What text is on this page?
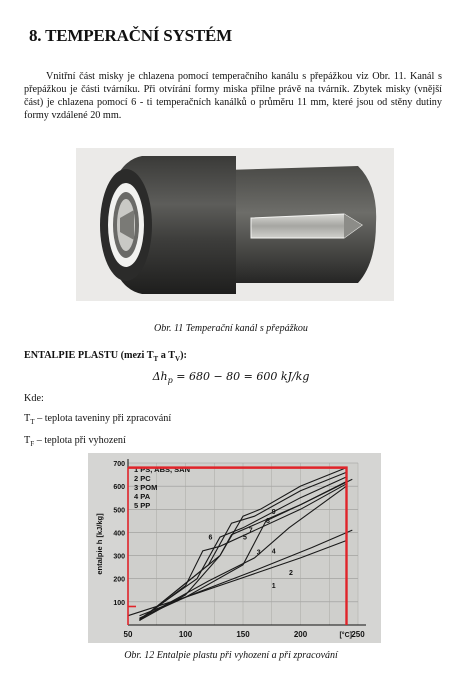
8. TEMPERAČNÍ SYSTÉM
Vnitřní část misky je chlazena pomocí temperačního kanálu s přepážkou viz Obr. 11. Kanál s přepážkou je části tvárníku. Při otvírání formy miska přilne právě na tvárník. Zbytek misky (vnější část) je chlazena pomocí 6 - ti temperačních kanálků o průměru 11 mm, které jsou od stěny dutiny formy vzdálené 20 mm.
Obr. 11 Temperační kanál s přepážkou
ENTALPIE PLASTU (mezi $T_T$ a $T_V$):
$\Delta h_p = 680 - 80 = 600$ kJ/kg
Kde:
$T_T$ – teplota taveniny při zpracování
$T_F$ – teplota při vyhození
50	100	150	200	250
100
200
300
400
500
600
700
entalpie h [kJ/kg]
[°C]
1
2
3 4
5
6
7
8
9
1 PS, ABS, SAN
2 PC
3 POM
4 PA
5 PP
Obr. 12 Entalpie plastu při vyhození a při zpracování
